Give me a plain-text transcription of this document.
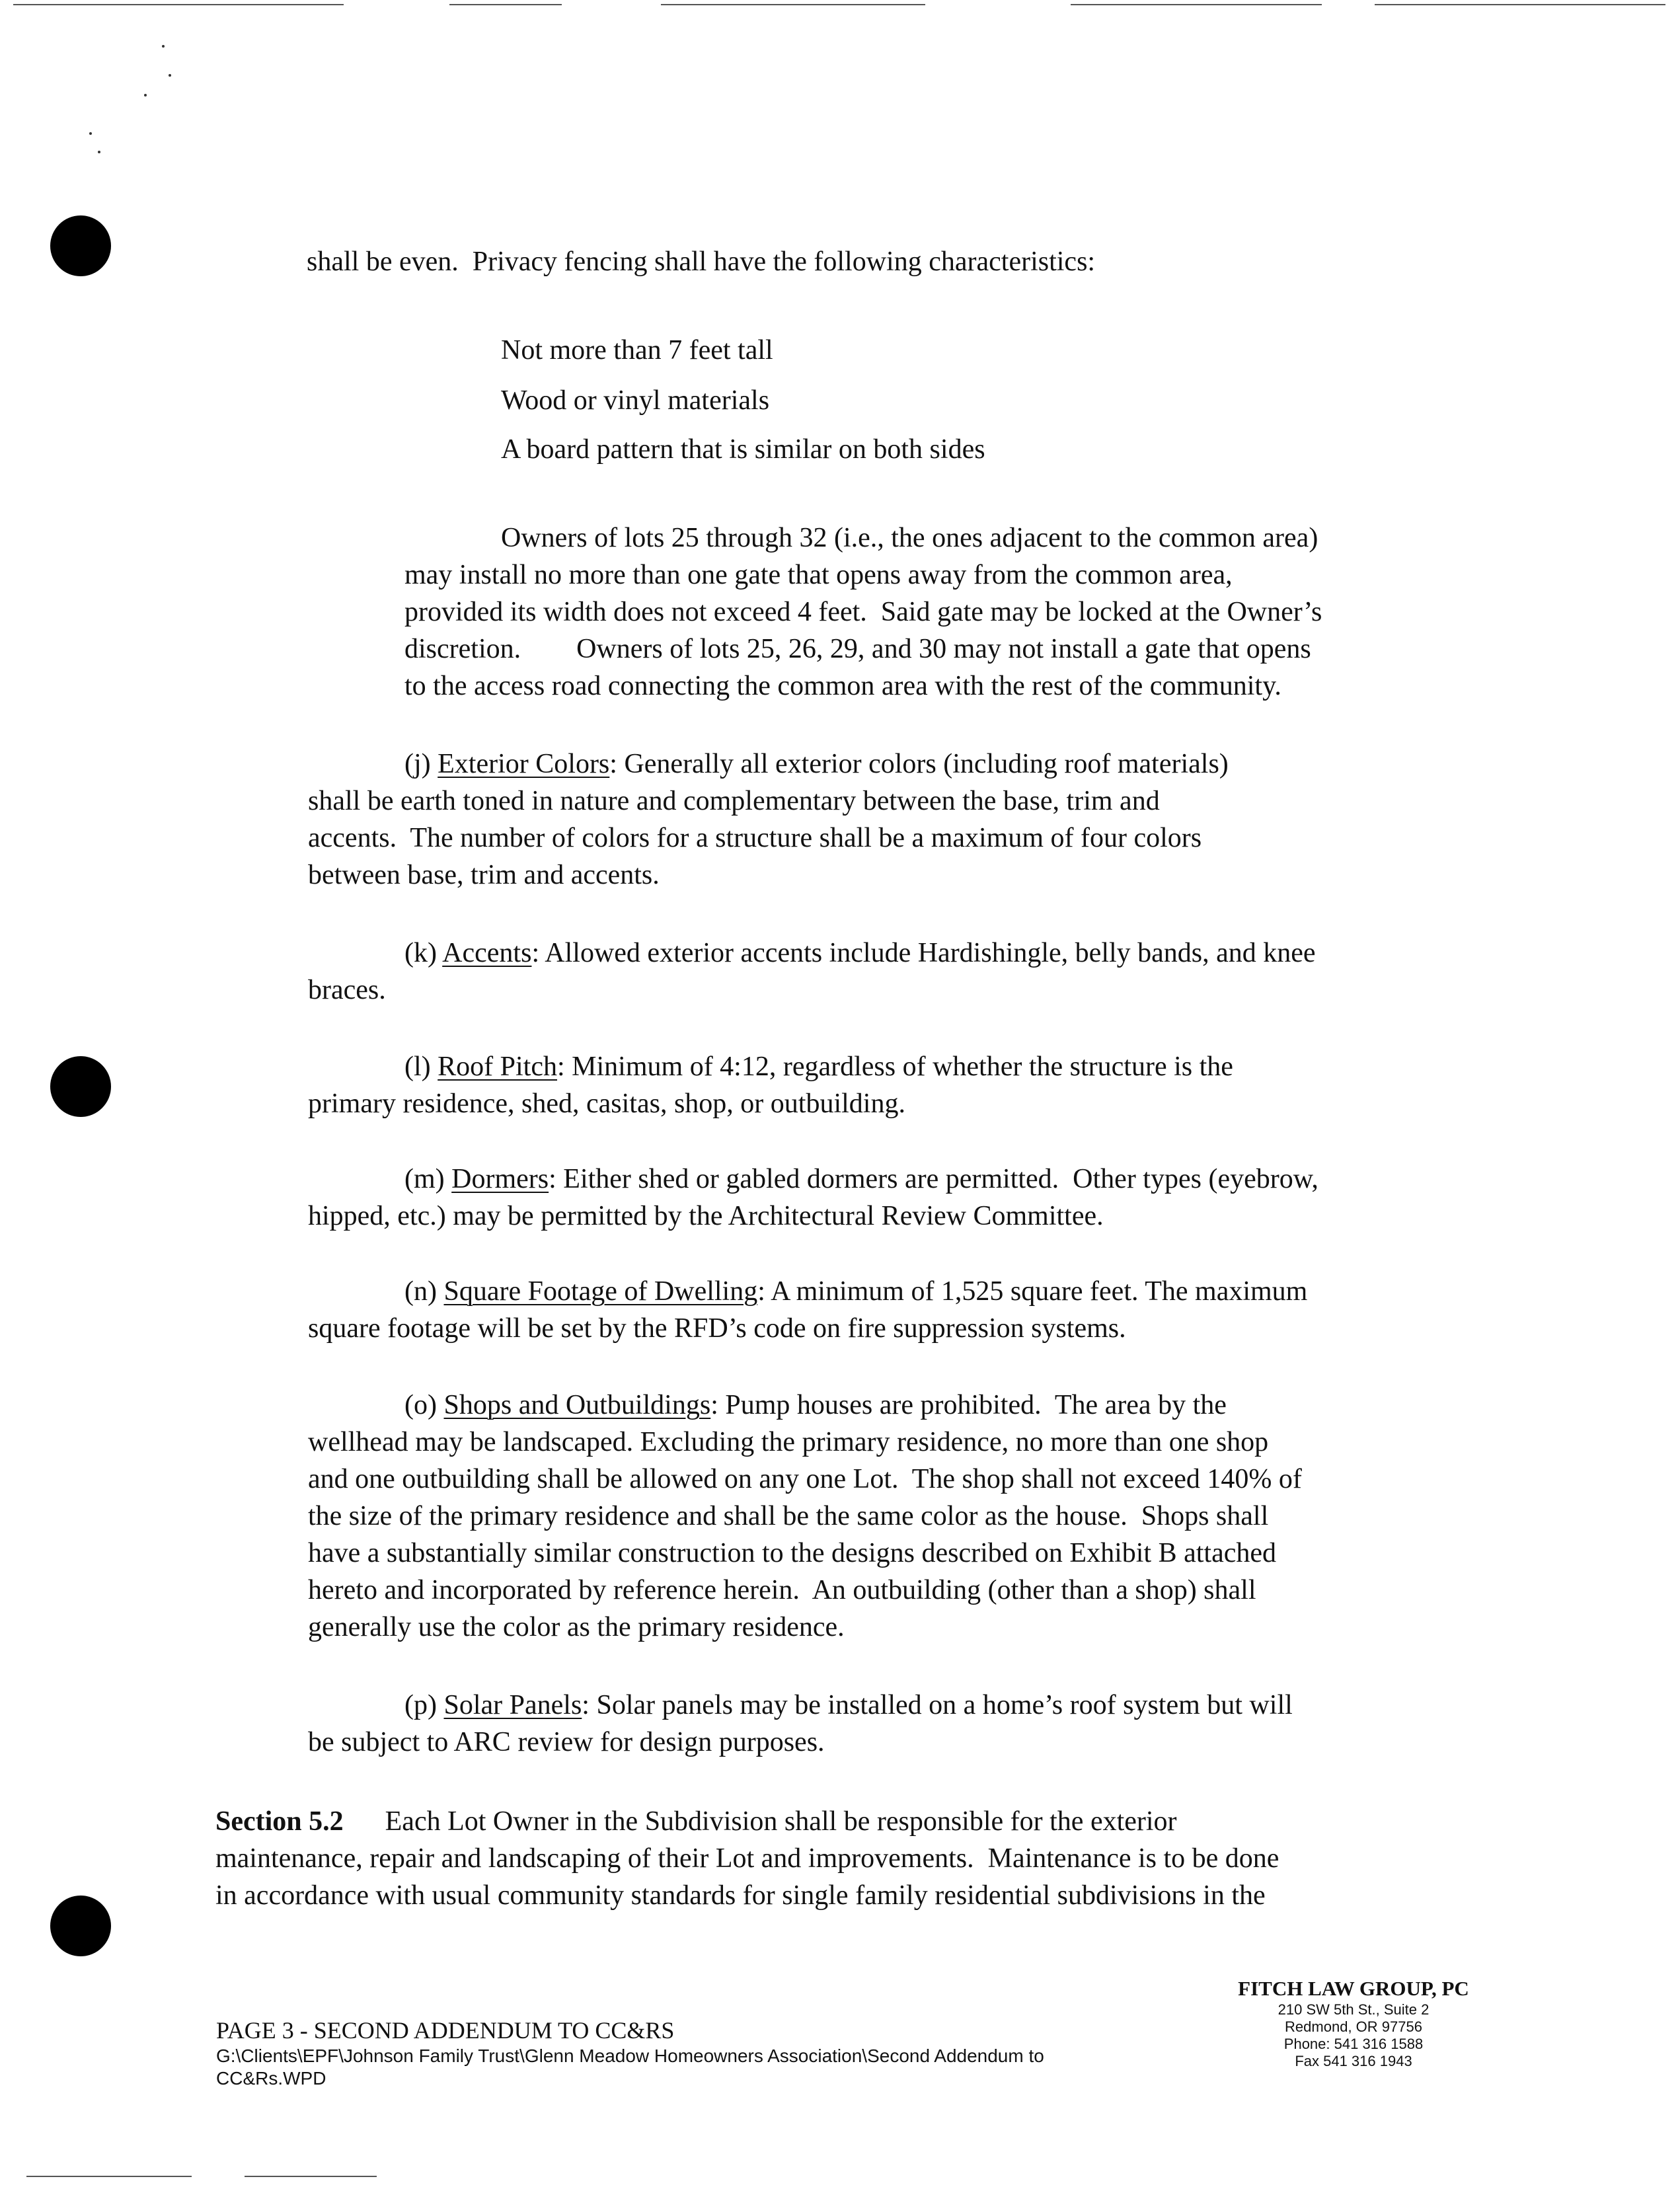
shall be even.  Privacy fencing shall have the following characteristics:
Not more than 7 feet tall
Wood or vinyl materials
A board pattern that is similar on both sides
Owners of lots 25 through 32 (i.e., the ones adjacent to the common area)
may install no more than one gate that opens away from the common area,
provided its width does not exceed 4 feet.  Said gate may be locked at the Owner’s
discretion.        Owners of lots 25, 26, 29, and 30 may not install a gate that opens
to the access road connecting the common area with the rest of the community.
(j) Exterior Colors: Generally all exterior colors (including roof materials)
shall be earth toned in nature and complementary between the base, trim and
accents.  The number of colors for a structure shall be a maximum of four colors
between base, trim and accents.
(k) Accents: Allowed exterior accents include Hardishingle, belly bands, and knee
braces.
(l) Roof Pitch: Minimum of 4:12, regardless of whether the structure is the
primary residence, shed, casitas, shop, or outbuilding.
(m) Dormers: Either shed or gabled dormers are permitted.  Other types (eyebrow,
hipped, etc.) may be permitted by the Architectural Review Committee.
(n) Square Footage of Dwelling: A minimum of 1,525 square feet. The maximum
square footage will be set by the RFD’s code on fire suppression systems.
(o) Shops and Outbuildings: Pump houses are prohibited.  The area by the
wellhead may be landscaped. Excluding the primary residence, no more than one shop
and one outbuilding shall be allowed on any one Lot.  The shop shall not exceed 140% of
the size of the primary residence and shall be the same color as the house.  Shops shall
have a substantially similar construction to the designs described on Exhibit B attached
hereto and incorporated by reference herein.  An outbuilding (other than a shop) shall
generally use the color as the primary residence.
(p) Solar Panels: Solar panels may be installed on a home’s roof system but will
be subject to ARC review for design purposes.
Section 5.2      Each Lot Owner in the Subdivision shall be responsible for the exterior
maintenance, repair and landscaping of their Lot and improvements.  Maintenance is to be done
in accordance with usual community standards for single family residential subdivisions in the
PAGE 3 - SECOND ADDENDUM TO CC&RS
G:\Clients\EPF\Johnson Family Trust\Glenn Meadow Homeowners Association\Second Addendum to
CC&Rs.WPD
FITCH LAW GROUP, PC
210 SW 5th St., Suite 2
Redmond, OR 97756
Phone: 541 316 1588
Fax 541 316 1943
